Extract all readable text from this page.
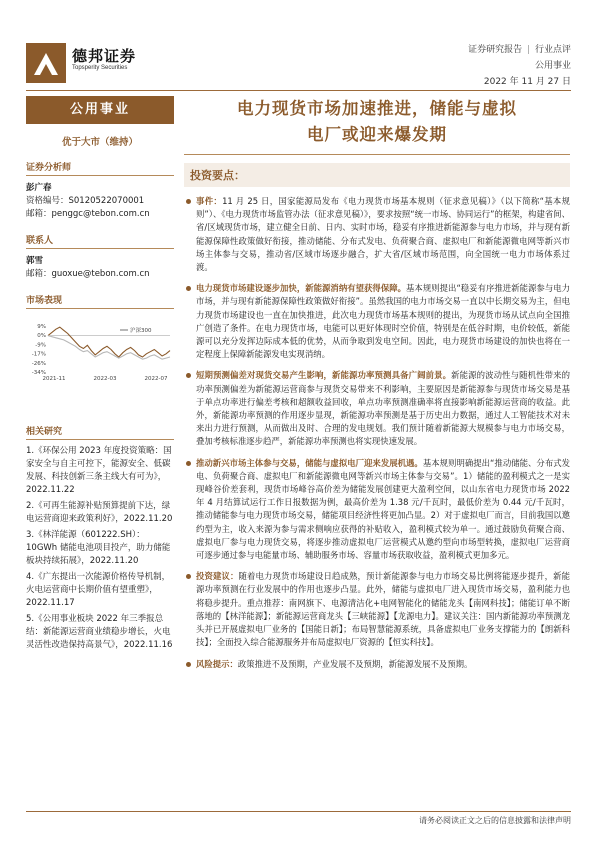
德邦证券
Topsperity Securities
证券研究报告 | 行业点评
公用事业
2022 年 11 月 27 日
公用事业
优于大市（维持）
证券分析师
彭广春
资格编号：S0120522070001
邮箱：penggc@tebon.com.cn
联系人
郭雪
邮箱：guoxue@tebon.com.cn
市场表现
9%
0%
-9%
-17%
-26%
-34%
2021-11	2022-03	2022-07
沪深300
相关研究
1.《环保公用 2023 年度投资策略：国家安全与自主可控下，能源安全、低碳发展、科技创新三条主线大有可为》，2022.11.22
2.《可再生能源补贴预算提前下达，绿电运营商迎来政策利好》，2022.11.20
3.《林洋能源（601222.SH）：10GWh 储能电池项目投产，助力储能板块持续拓展》，2022.11.20
4.《广东提出一次能源价格传导机制，火电运营商中长期价值有望重塑》，2022.11.17
5.《公用事业板块 2022 年三季报总结：新能源运营商业绩稳步增长，火电灵活性改造保持高景气》，2022.11.16
电力现货市场加速推进，储能与虚拟
电厂或迎来爆发期
投资要点：
事件：11 月 25 日，国家能源局发布《电力现货市场基本规则（征求意见稿）》（以下简称“基本规则”）、《电力现货市场监管办法（征求意见稿）》，要求按照“统一市场、协同运行”的框架，构建省间、省/区域现货市场，建立健全日前、日内、实时市场，稳妥有序推进新能源参与电力市场，并与现有新能源保障性政策做好衔接，推动储能、分布式发电、负荷聚合商、虚拟电厂和新能源微电网等新兴市场主体参与交易，推动省/区域市场逐步融合，扩大省/区域市场范围，向全国统一电力市场体系过渡。
电力现货市场建设逐步加快，新能源消纳有望获得保障。基本规则提出“稳妥有序推进新能源参与电力市场，并与现有新能源保障性政策做好衔接”。虽然我国的电力市场交易一直以中长期交易为主，但电力现货市场建设也一直在加快推进，此次电力现货市场基本规则的提出，为现货市场从试点向全国推广创造了条件。在电力现货市场，电能可以更好体现时空价值，特别是在低谷时期，电价较低，新能源可以充分发挥边际成本低的优势，从而争取到发电空间。因此，电力现货市场建设的加快也将在一定程度上保障新能源发电实现消纳。
短期预测偏差对现货交易产生影响，新能源功率预测具备广阔前景。新能源的波动性与随机性带来的功率预测偏差为新能源运营商参与现货交易带来不利影响，主要原因是新能源参与现货市场交易是基于单点功率进行偏差考核和超额收益回收，单点功率预测准确率将直接影响新能源运营商的收益。此外，新能源功率预测的作用逐步显现，新能源功率预测是基于历史出力数据，通过人工智能技术对未来出力进行预测，从而做出及时、合理的发电规划。我们预计随着新能源大规模参与电力市场交易，叠加考核标准逐步趋严，新能源功率预测也将实现快速发展。
推动新兴市场主体参与交易，储能与虚拟电厂迎来发展机遇。基本规则明确提出“推动储能、分布式发电、负荷聚合商、虚拟电厂和新能源微电网等新兴市场主体参与交易”。1）储能的盈利模式之一是实现峰谷价差套利，现货市场峰谷高价差为储能发展创建更大盈利空间，以山东省电力现货市场 2022 年 4 月结算试运行工作日报数据为例，最高价差为 1.38 元/千瓦时，最低价差为 0.44 元/千瓦时，推动储能参与电力现货市场交易，储能项目经济性将更加凸显。2）对于虚拟电厂而言，目前我国以邀约型为主，收入来源为参与需求侧响应获得的补贴收入，盈利模式较为单一。通过鼓励负荷聚合商、虚拟电厂参与电力现货交易，将逐步推动虚拟电厂运营模式从邀约型向市场型转换，虚拟电厂运营商可逐步通过参与电能量市场、辅助服务市场、容量市场获取收益，盈利模式更加多元。
投资建议：随着电力现货市场建设日趋成熟，预计新能源参与电力市场交易比例将能逐步提升，新能源功率预测在行业发展中的作用也逐步凸显。此外，储能与虚拟电厂进入现货市场交易，盈利能力也将稳步提升。重点推荐：南网旗下、电源清洁化+电网智能化的储能龙头【南网科技】；储能订单不断落地的【林洋能源】；新能源运营商龙头【三峡能源】【龙源电力】。建议关注：国内新能源功率预测龙头并已开展虚拟电厂业务的【国能日新】；布局智慧能源系统，具备虚拟电厂业务支撑能力的【朗新科技】；全面投入综合能源服务并布局虚拟电厂资源的【恒实科技】。
风险提示：政策推进不及预期，产业发展不及预期，新能源发展不及预期。
请务必阅读正文之后的信息披露和法律声明
